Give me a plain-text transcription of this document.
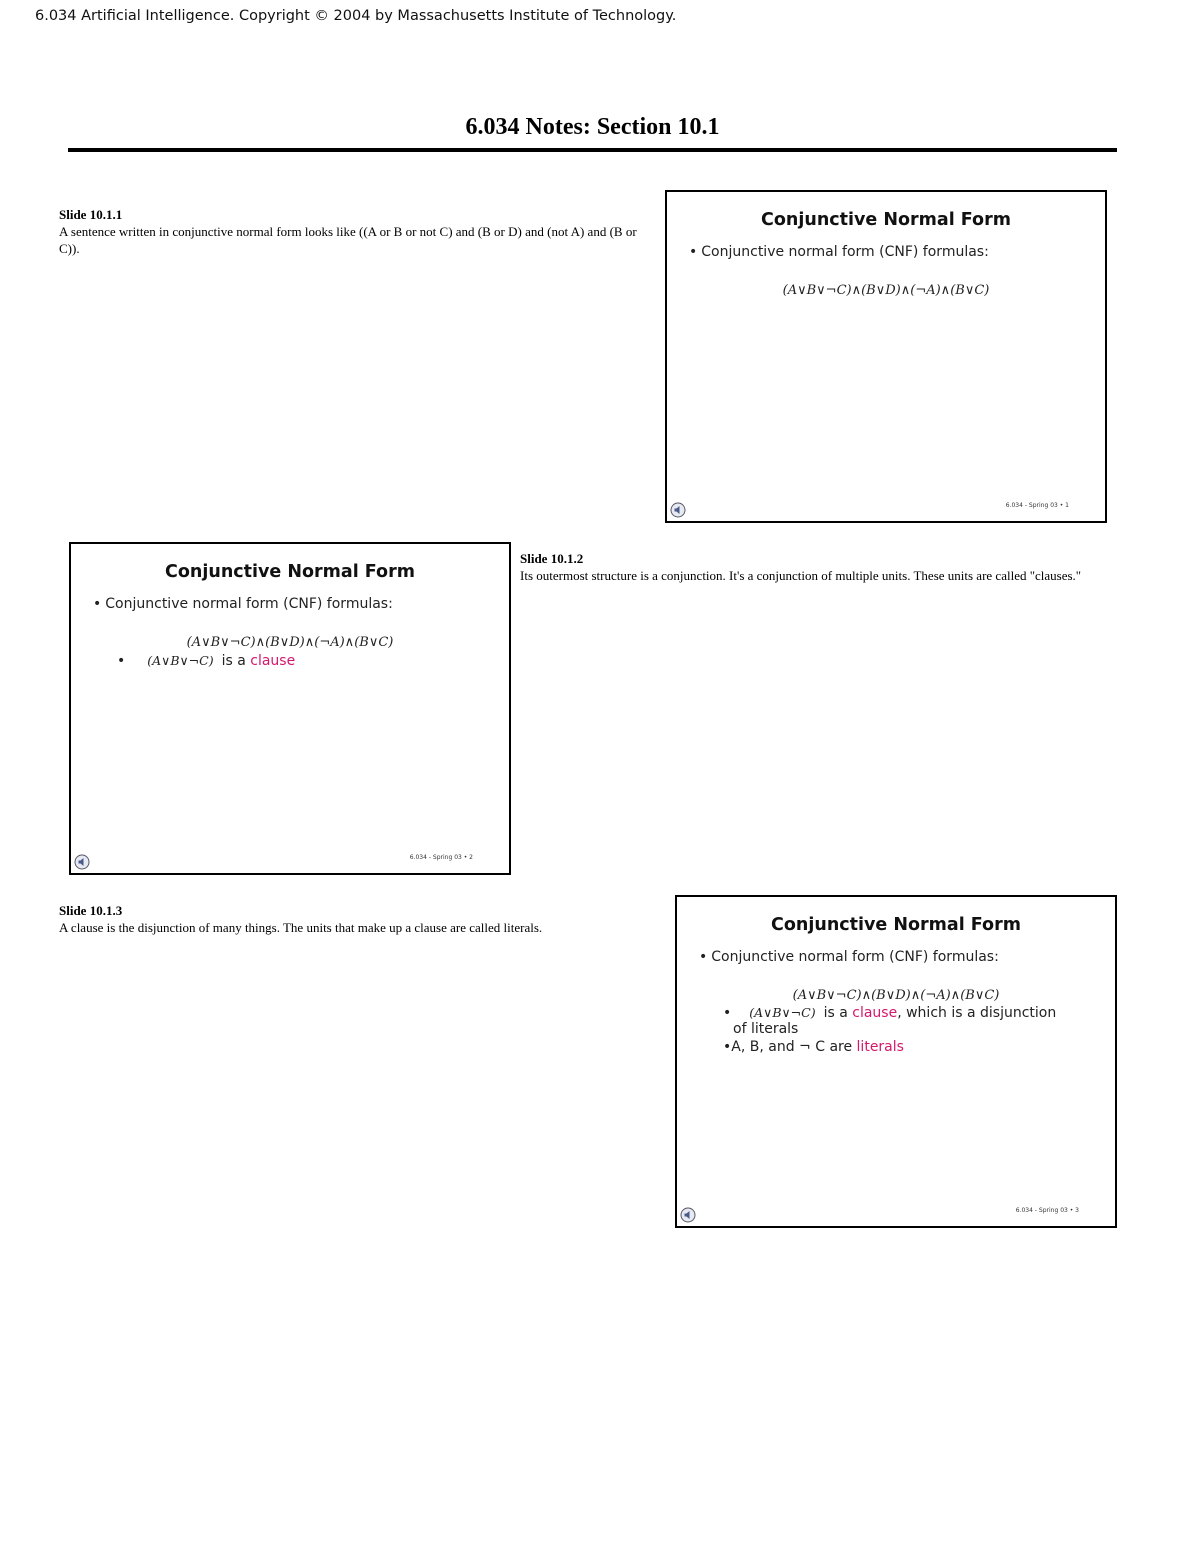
6.034 Artificial Intelligence. Copyright © 2004 by Massachusetts Institute of Technology.
6.034 Notes: Section 10.1
Slide 10.1.1
A sentence written in conjunctive normal form looks like ((A or B or not C) and (B or D) and (not A) and (B or C)).
Conjunctive Normal Form
• Conjunctive normal form (CNF) formulas:
(A∨B∨¬C)∧(B∨D)∧(¬A)∧(B∨C)
6.034 - Spring 03 • 1
Conjunctive Normal Form
• Conjunctive normal form (CNF) formulas:
(A∨B∨¬C)∧(B∨D)∧(¬A)∧(B∨C)
• (A∨B∨¬C) is a clause
6.034 - Spring 03 • 2
Slide 10.1.2
Its outermost structure is a conjunction. It's a conjunction of multiple units. These units are called "clauses."
Slide 10.1.3
A clause is the disjunction of many things. The units that make up a clause are called literals.	Conjunctive Normal Form
• Conjunctive normal form (CNF) formulas:
(A∨B∨¬C)∧(B∨D)∧(¬A)∧(B∨C)
• (A∨B∨¬C) is a clause, which is a disjunction
of literals
•A, B, and ¬ C are literals
6.034 - Spring 03 • 3
